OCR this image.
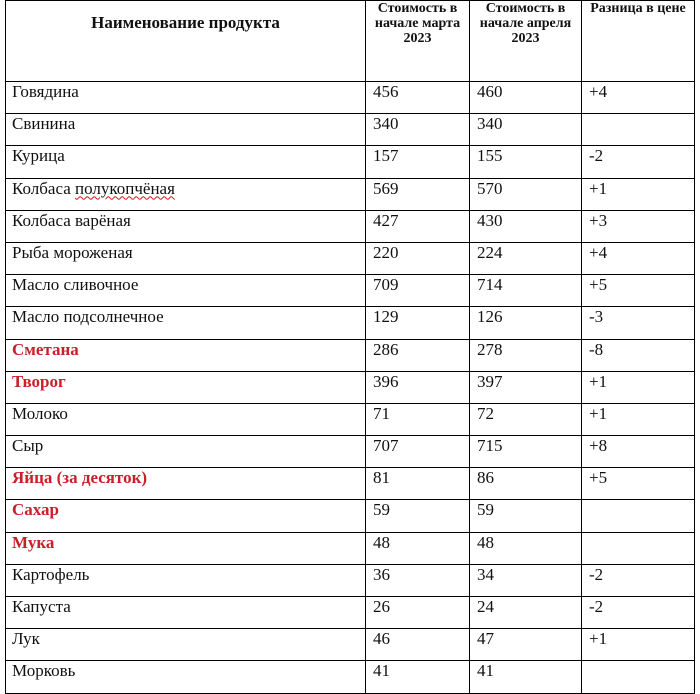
Наименование продукта	Стоимость в начале марта 2023	Стоимость в начале апреля 2023	Разница в цене
Говядина	456	460	+4
Свинина	340	340	
Курица	157	155	-2
Колбаса полукопчёная	569	570	+1
Колбаса варёная	427	430	+3
Рыба мороженая	220	224	+4
Масло сливочное	709	714	+5
Масло подсолнечное	129	126	-3
Сметана	286	278	-8
Творог	396	397	+1
Молоко	71	72	+1
Сыр	707	715	+8
Яйца (за десяток)	81	86	+5
Сахар	59	59	
Мука	48	48	
Картофель	36	34	-2
Капуста	26	24	-2
Лук	46	47	+1
Морковь	41	41	
